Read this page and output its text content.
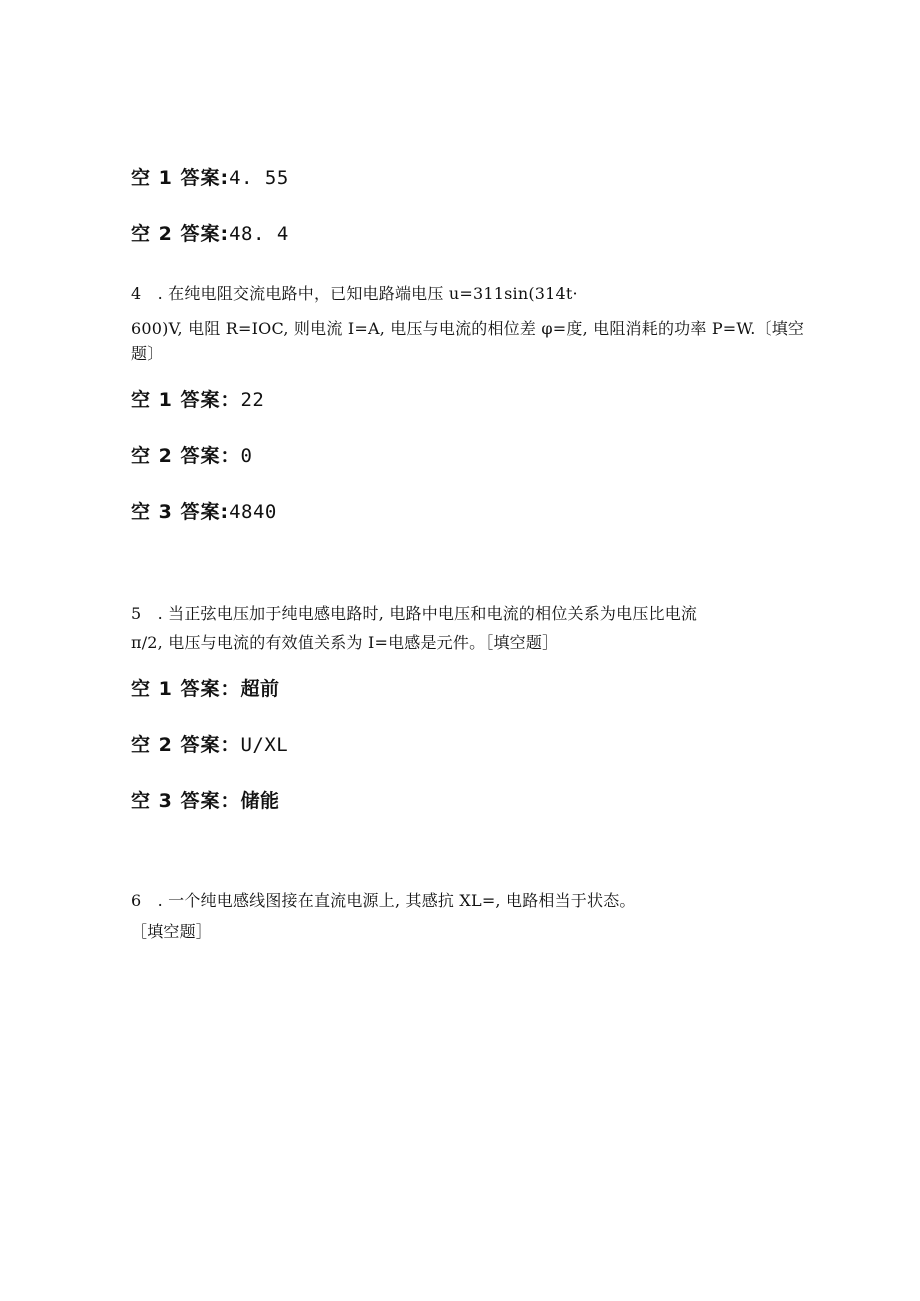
空 1 答案:4. 55
空 2 答案:48. 4
4　. 在纯电阻交流电路中，已知电路端电压 u=311sin(314t·
600)V, 电阻 R=IOC, 则电流 I=A, 电压与电流的相位差 φ=度, 电阻消耗的功率 P=W.〔填空
题〕
空 1 答案：22
空 2 答案：0
空 3 答案:4840
5　. 当正弦电压加于纯电感电路时, 电路中电压和电流的相位关系为电压比电流
π/2, 电压与电流的有效值关系为 I=电感是元件。［填空题］
空 1 答案：超前
空 2 答案：U/XL
空 3 答案：储能
6　. 一个纯电感线图接在直流电源上, 其感抗 XL=, 电路相当于状态。
［填空题］
